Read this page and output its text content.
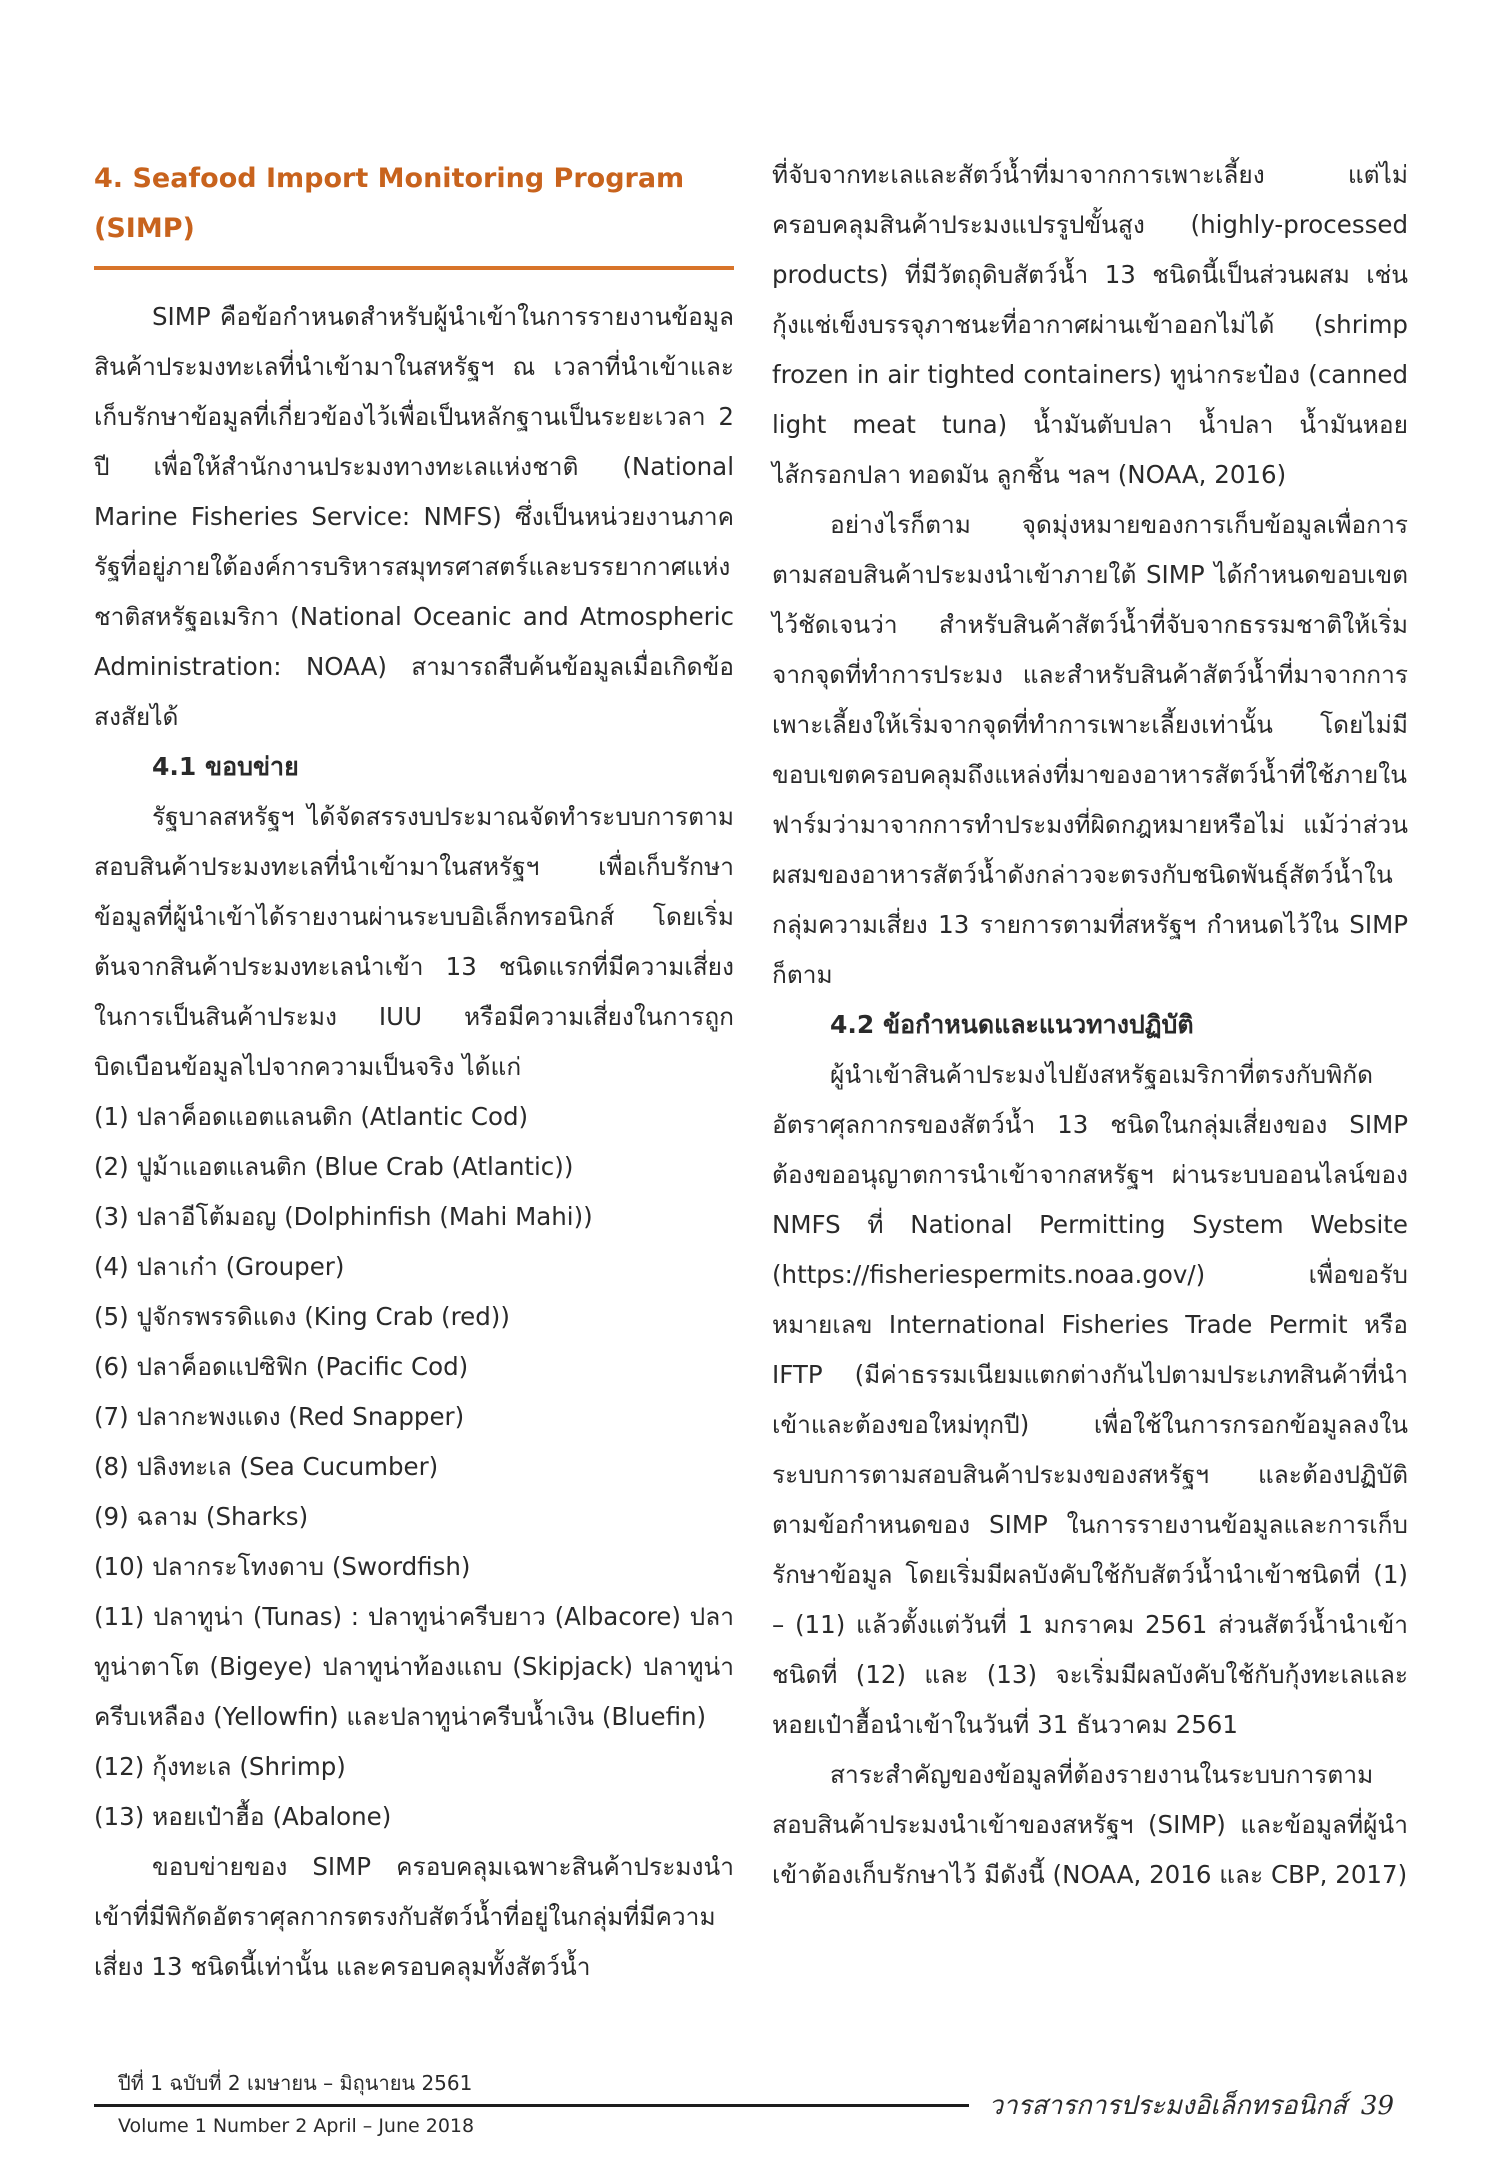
4. Seafood Import Monitoring Program (SIMP)

SIMP คือข้อกำหนดสำหรับผู้นำเข้าในการรายงานข้อมูลสินค้าประมงทะเลที่นำเข้ามาในสหรัฐฯ ณ เวลาที่นำเข้าและเก็บรักษาข้อมูลที่เกี่ยวข้องไว้เพื่อเป็นหลักฐานเป็นระยะเวลา 2 ปี เพื่อให้สำนักงานประมงทางทะเลแห่งชาติ (National Marine Fisheries Service: NMFS) ซึ่งเป็นหน่วยงานภาครัฐที่อยู่ภายใต้องค์การบริหารสมุทรศาสตร์และบรรยากาศแห่งชาติสหรัฐอเมริกา (National Oceanic and Atmospheric Administration: NOAA) สามารถสืบค้นข้อมูลเมื่อเกิดข้อสงสัยได้

4.1 ขอบข่าย

รัฐบาลสหรัฐฯ ได้จัดสรรงบประมาณจัดทำระบบการตามสอบสินค้าประมงทะเลที่นำเข้ามาในสหรัฐฯ เพื่อเก็บรักษาข้อมูลที่ผู้นำเข้าได้รายงานผ่านระบบอิเล็กทรอนิกส์ โดยเริ่มต้นจากสินค้าประมงทะเลนำเข้า 13 ชนิดแรกที่มีความเสี่ยงในการเป็นสินค้าประมง IUU หรือมีความเสี่ยงในการถูกบิดเบือนข้อมูลไปจากความเป็นจริง ได้แก่

(1) ปลาค็อดแอตแลนติก (Atlantic Cod)
(2) ปูม้าแอตแลนติก (Blue Crab (Atlantic))
(3) ปลาอีโต้มอญ (Dolphinfish (Mahi Mahi))
(4) ปลาเก๋า (Grouper)
(5) ปูจักรพรรดิแดง (King Crab (red))
(6) ปลาค็อดแปซิฟิก (Pacific Cod)
(7) ปลากะพงแดง (Red Snapper)
(8) ปลิงทะเล (Sea Cucumber)
(9) ฉลาม (Sharks)
(10) ปลากระโทงดาบ (Swordfish)
(11) ปลาทูน่า (Tunas) : ปลาทูน่าครีบยาว (Albacore) ปลาทูน่าตาโต (Bigeye) ปลาทูน่าท้องแถบ (Skipjack) ปลาทูน่าครีบเหลือง (Yellowfin) และปลาทูน่าครีบน้ำเงิน (Bluefin)
(12) กุ้งทะเล (Shrimp)
(13) หอยเป๋าฮื้อ (Abalone)

ขอบข่ายของ SIMP ครอบคลุมเฉพาะสินค้าประมงนำเข้าที่มีพิกัดอัตราศุลกากรตรงกับสัตว์น้ำที่อยู่ในกลุ่มที่มีความเสี่ยง 13 ชนิดนี้เท่านั้น และครอบคลุมทั้งสัตว์น้ำ

ที่จับจากทะเลและสัตว์น้ำที่มาจากการเพาะเลี้ยง แต่ไม่ครอบคลุมสินค้าประมงแปรรูปขั้นสูง (highly-processed products) ที่มีวัตถุดิบสัตว์น้ำ 13 ชนิดนี้เป็นส่วนผสม เช่น กุ้งแช่เข็งบรรจุภาชนะที่อากาศผ่านเข้าออกไม่ได้ (shrimp frozen in air tighted containers) ทูน่ากระป๋อง (canned light meat tuna) น้ำมันตับปลา น้ำปลา น้ำมันหอย ไส้กรอกปลา ทอดมัน ลูกชิ้น ฯลฯ (NOAA, 2016)

อย่างไรก็ตาม จุดมุ่งหมายของการเก็บข้อมูลเพื่อการตามสอบสินค้าประมงนำเข้าภายใต้ SIMP ได้กำหนดขอบเขตไว้ชัดเจนว่า สำหรับสินค้าสัตว์น้ำที่จับจากธรรมชาติให้เริ่มจากจุดที่ทำการประมง และสำหรับสินค้าสัตว์น้ำที่มาจากการเพาะเลี้ยงให้เริ่มจากจุดที่ทำการเพาะเลี้ยงเท่านั้น โดยไม่มีขอบเขตครอบคลุมถึงแหล่งที่มาของอาหารสัตว์น้ำที่ใช้ภายในฟาร์มว่ามาจากการทำประมงที่ผิดกฎหมายหรือไม่ แม้ว่าส่วนผสมของอาหารสัตว์น้ำดังกล่าวจะตรงกับชนิดพันธุ์สัตว์น้ำในกลุ่มความเสี่ยง 13 รายการตามที่สหรัฐฯ กำหนดไว้ใน SIMP ก็ตาม

4.2 ข้อกำหนดและแนวทางปฏิบัติ

ผู้นำเข้าสินค้าประมงไปยังสหรัฐอเมริกาที่ตรงกับพิกัดอัตราศุลกากรของสัตว์น้ำ 13 ชนิดในกลุ่มเสี่ยงของ SIMP ต้องขออนุญาตการนำเข้าจากสหรัฐฯ ผ่านระบบออนไลน์ของ NMFS ที่ National Permitting System Website (https://fisheriespermits.noaa.gov/) เพื่อขอรับหมายเลข International Fisheries Trade Permit หรือ IFTP (มีค่าธรรมเนียมแตกต่างกันไปตามประเภทสินค้าที่นำเข้าและต้องขอใหม่ทุกปี) เพื่อใช้ในการกรอกข้อมูลลงในระบบการตามสอบสินค้าประมงของสหรัฐฯ และต้องปฏิบัติตามข้อกำหนดของ SIMP ในการรายงานข้อมูลและการเก็บรักษาข้อมูล โดยเริ่มมีผลบังคับใช้กับสัตว์น้ำนำเข้าชนิดที่ (1) – (11) แล้วตั้งแต่วันที่ 1 มกราคม 2561 ส่วนสัตว์น้ำนำเข้าชนิดที่ (12) และ (13) จะเริ่มมีผลบังคับใช้กับกุ้งทะเลและหอยเป๋าฮื้อนำเข้าในวันที่ 31 ธันวาคม 2561

สาระสำคัญของข้อมูลที่ต้องรายงานในระบบการตามสอบสินค้าประมงนำเข้าของสหรัฐฯ (SIMP) และข้อมูลที่ผู้นำเข้าต้องเก็บรักษาไว้ มีดังนี้ (NOAA, 2016 และ CBP, 2017)

ปีที่ 1 ฉบับที่ 2 เมษายน – มิถุนายน 2561
Volume 1 Number 2 April – June 2018
วารสารการประมงอิเล็กทรอนิกส์ 39
